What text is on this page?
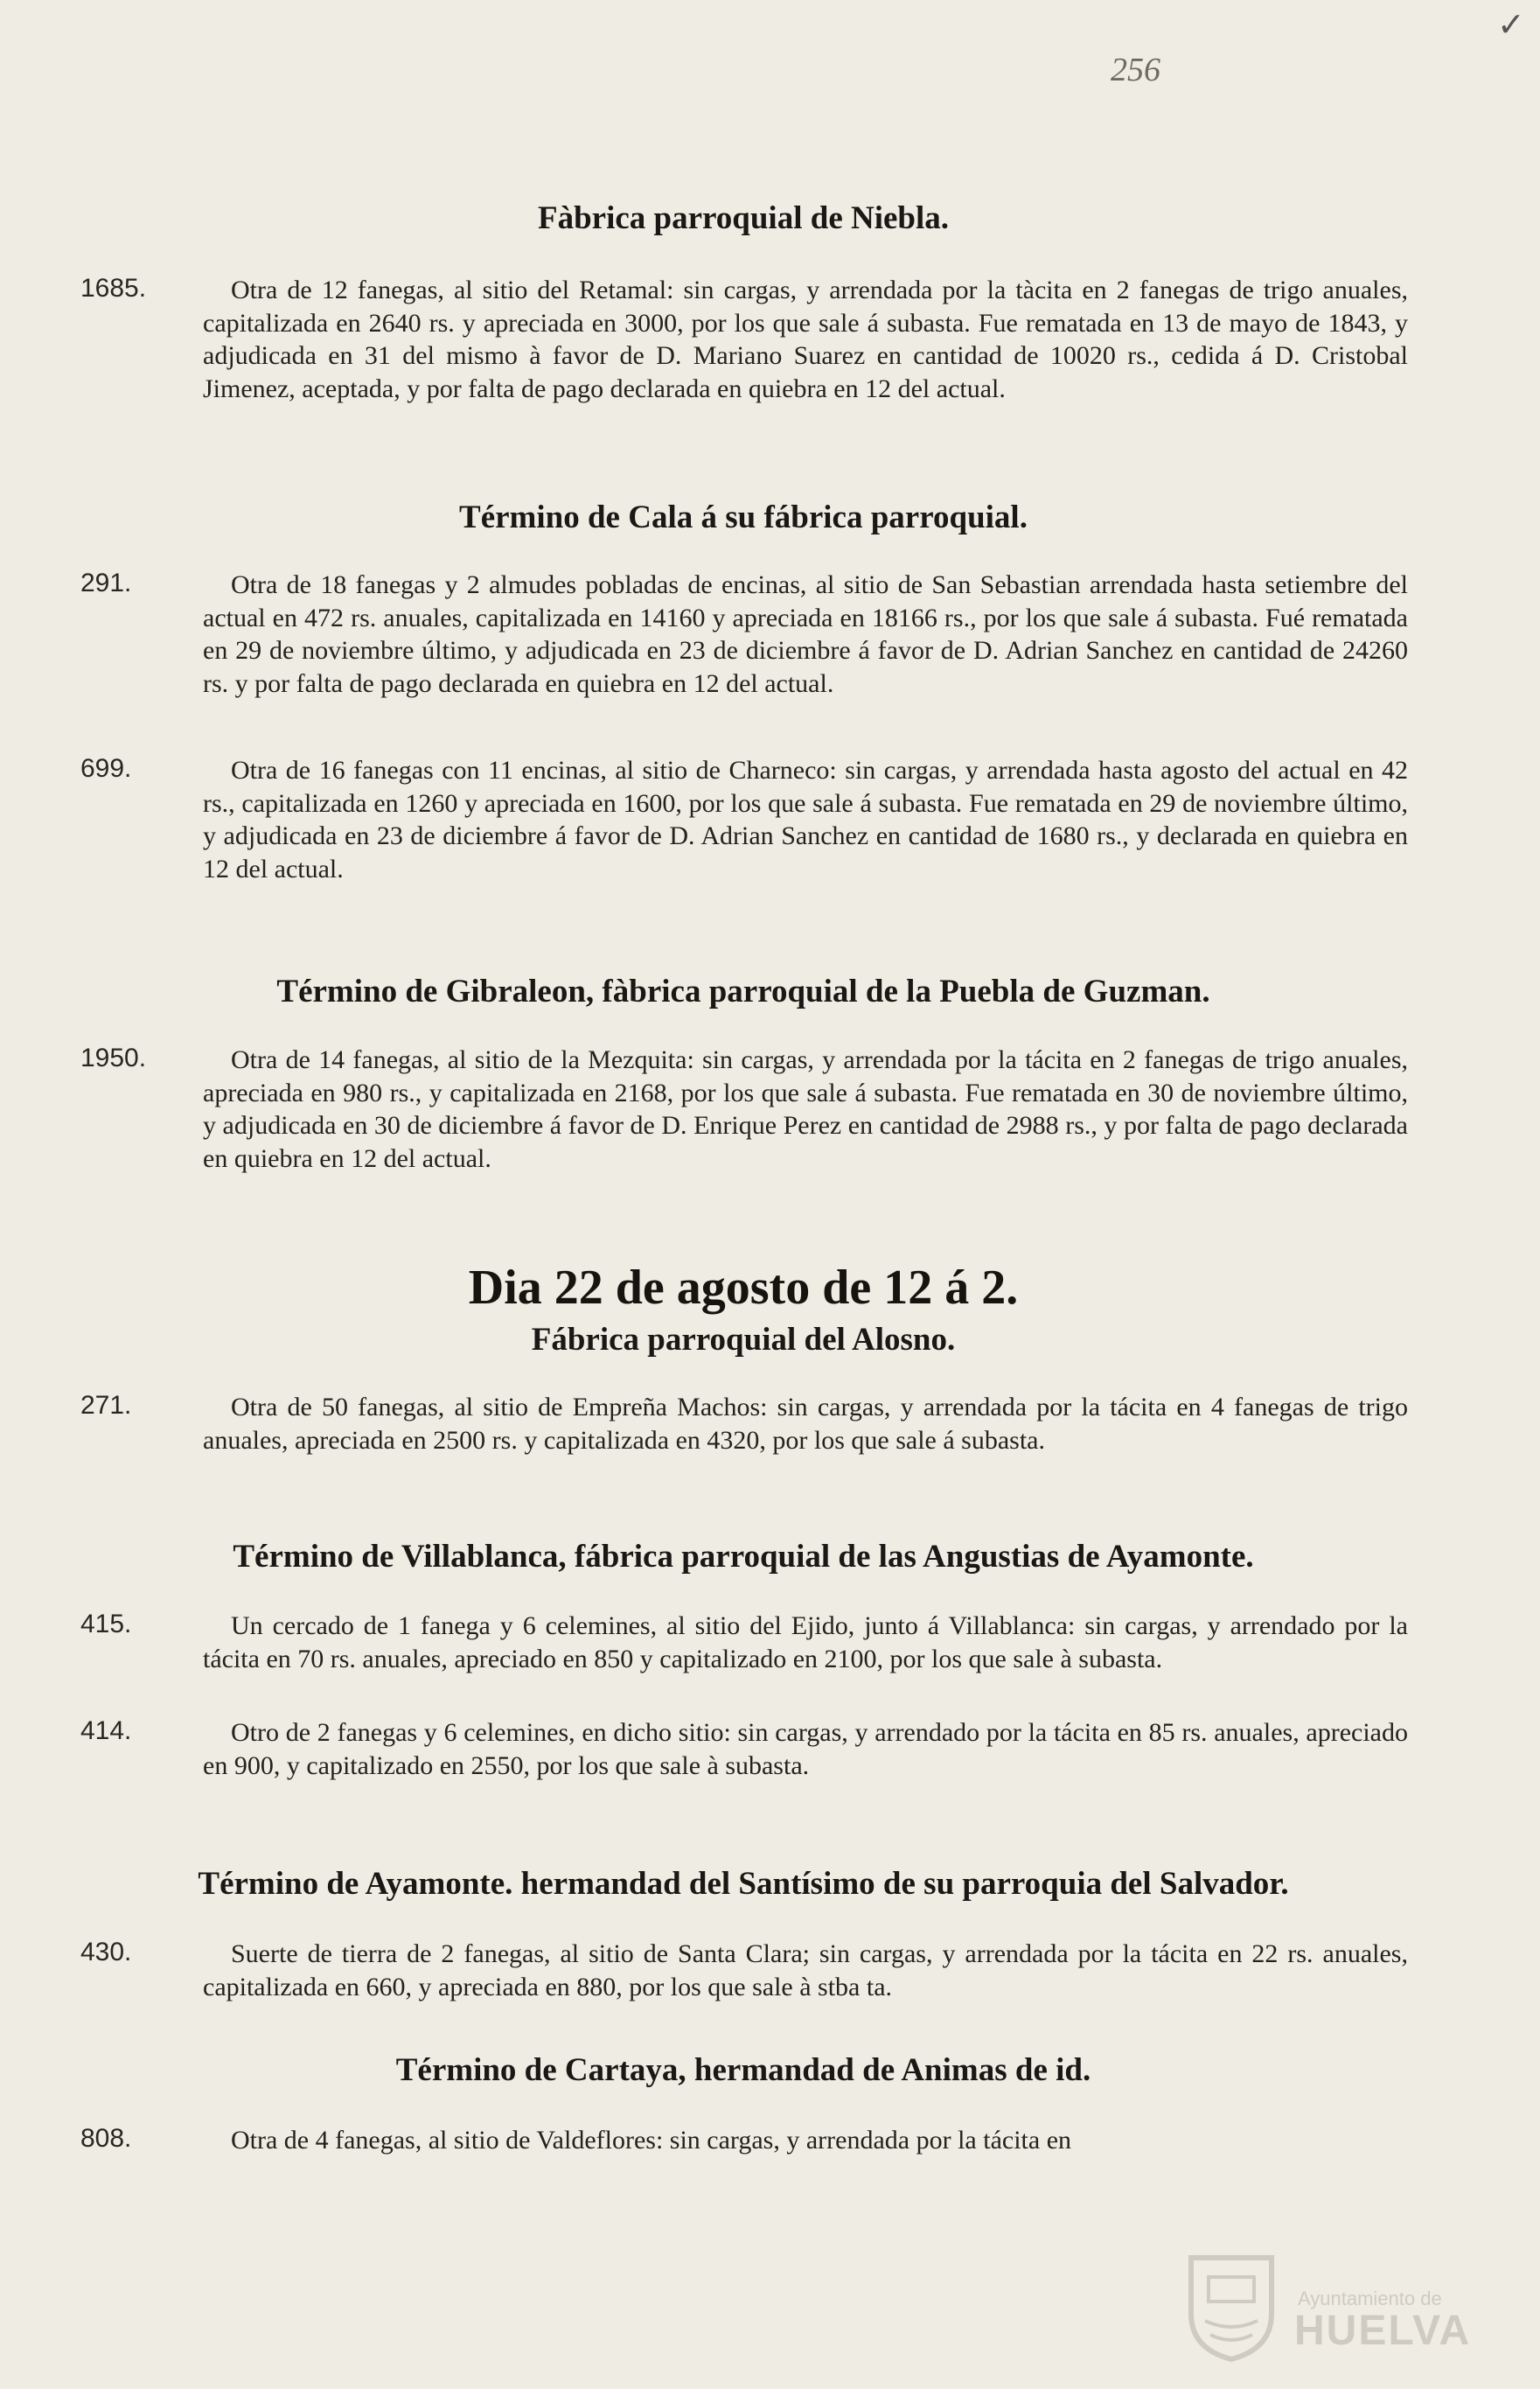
✓
256
Fàbrica parroquial de Niebla.
1685.	Otra de 12 fanegas, al sitio del Retamal: sin cargas, y arrendada por la tàcita en 2 fanegas de trigo anuales, capitalizada en 2640 rs. y apreciada en 3000, por los que sale á subasta. Fue rematada en 13 de mayo de 1843, y adjudicada en 31 del mismo à favor de D. Mariano Suarez en cantidad de 10020 rs., cedida á D. Cristobal Jimenez, aceptada, y por falta de pago declarada en quiebra en 12 del actual.
Término de Cala á su fábrica parroquial.
291.	Otra de 18 fanegas y 2 almudes pobladas de encinas, al sitio de San Sebastian arrendada hasta setiembre del actual en 472 rs. anuales, capitalizada en 14160 y apreciada en 18166 rs., por los que sale á subasta. Fué rematada en 29 de noviembre último, y adjudicada en 23 de diciembre á favor de D. Adrian Sanchez en cantidad de 24260 rs. y por falta de pago declarada en quiebra en 12 del actual.
699.	Otra de 16 fanegas con 11 encinas, al sitio de Charneco: sin cargas, y arrendada hasta agosto del actual en 42 rs., capitalizada en 1260 y apreciada en 1600, por los que sale á subasta. Fue rematada en 29 de noviembre último, y adjudicada en 23 de diciembre á favor de D. Adrian Sanchez en cantidad de 1680 rs., y declarada en quiebra en 12 del actual.
Término de Gibraleon, fàbrica parroquial de la Puebla de Guzman.
1950.	Otra de 14 fanegas, al sitio de la Mezquita: sin cargas, y arrendada por la tácita en 2 fanegas de trigo anuales, apreciada en 980 rs., y capitalizada en 2168, por los que sale á subasta. Fue rematada en 30 de noviembre último, y adjudicada en 30 de diciembre á favor de D. Enrique Perez en cantidad de 2988 rs., y por falta de pago declarada en quiebra en 12 del actual.
Dia 22 de agosto de 12 á 2.
Fábrica parroquial del Alosno.
271.	Otra de 50 fanegas, al sitio de Empreña Machos: sin cargas, y arrendada por la tácita en 4 fanegas de trigo anuales, apreciada en 2500 rs. y capitalizada en 4320, por los que sale á subasta.
Término de Villablanca, fábrica parroquial de las Angustias de Ayamonte.
415.	Un cercado de 1 fanega y 6 celemines, al sitio del Ejido, junto á Villablanca: sin cargas, y arrendado por la tácita en 70 rs. anuales, apreciado en 850 y capitalizado en 2100, por los que sale à subasta.
414.	Otro de 2 fanegas y 6 celemines, en dicho sitio: sin cargas, y arrendado por la tácita en 85 rs. anuales, apreciado en 900, y capitalizado en 2550, por los que sale à subasta.
Término de Ayamonte. hermandad del Santísimo de su parroquia del Salvador.
430.	Suerte de tierra de 2 fanegas, al sitio de Santa Clara; sin cargas, y arrendada por la tácita en 22 rs. anuales, capitalizada en 660, y apreciada en 880, por los que sale à stba ta.
Término de Cartaya, hermandad de Animas de id.
808.	Otra de 4 fanegas, al sitio de Valdeflores: sin cargas, y arrendada por la tácita en
Ayuntamiento de
HUELVA
